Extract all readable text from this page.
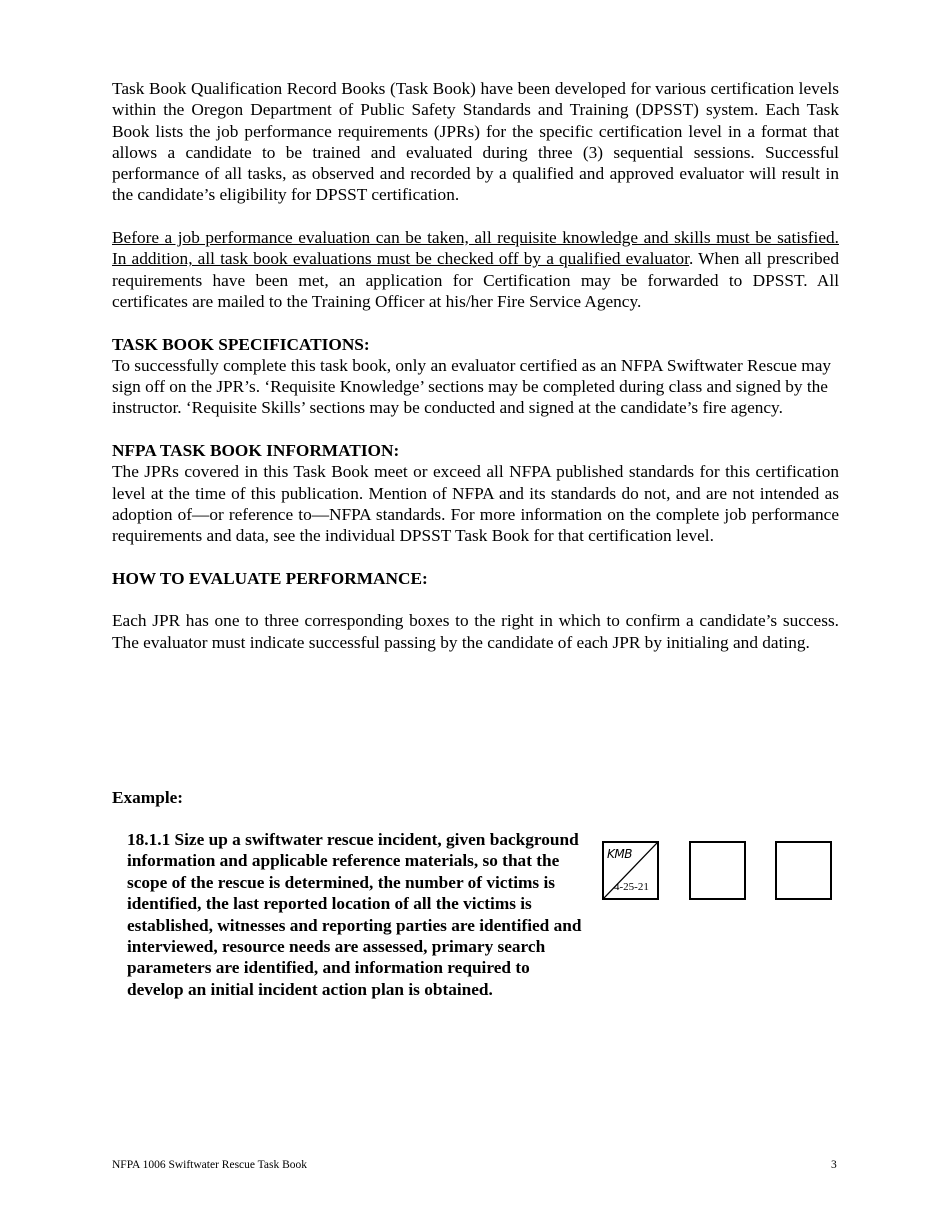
Task Book Qualification Record Books (Task Book) have been developed for various certification levels within the Oregon Department of Public Safety Standards and Training (DPSST) system. Each Task Book lists the job performance requirements (JPRs) for the specific certification level in a format that allows a candidate to be trained and evaluated during three (3) sequential sessions. Successful performance of all tasks, as observed and recorded by a qualified and approved evaluator will result in the candidate’s eligibility for DPSST certification.

Before a job performance evaluation can be taken, all requisite knowledge and skills must be satisfied. In addition, all task book evaluations must be checked off by a qualified evaluator. When all prescribed requirements have been met, an application for Certification may be forwarded to DPSST. All certificates are mailed to the Training Officer at his/her Fire Service Agency.

TASK BOOK SPECIFICATIONS:

To successfully complete this task book, only an evaluator certified as an NFPA Swiftwater Rescue may sign off on the JPR’s. ‘Requisite Knowledge’ sections may be completed during class and signed by the instructor. ‘Requisite Skills’ sections may be conducted and signed at the candidate’s fire agency.

NFPA TASK BOOK INFORMATION:

The JPRs covered in this Task Book meet or exceed all NFPA published standards for this certification level at the time of this publication. Mention of NFPA and its standards do not, and are not intended as adoption of—or reference to—NFPA standards. For more information on the complete job performance requirements and data, see the individual DPSST Task Book for that certification level.

HOW TO EVALUATE PERFORMANCE:

Each JPR has one to three corresponding boxes to the right in which to confirm a candidate’s success. The evaluator must indicate successful passing by the candidate of each JPR by initialing and dating.

Example:
18.1.1 Size up a swiftwater rescue incident, given background information and applicable reference materials, so that the scope of the rescue is determined, the number of victims is identified, the last reported location of all the victims is established, witnesses and reporting parties are identified and interviewed, resource needs are assessed, primary search parameters are identified, and information required to develop an initial incident action plan is obtained.
KMB
4-25-21
NFPA 1006 Swiftwater Rescue Task Book	3
